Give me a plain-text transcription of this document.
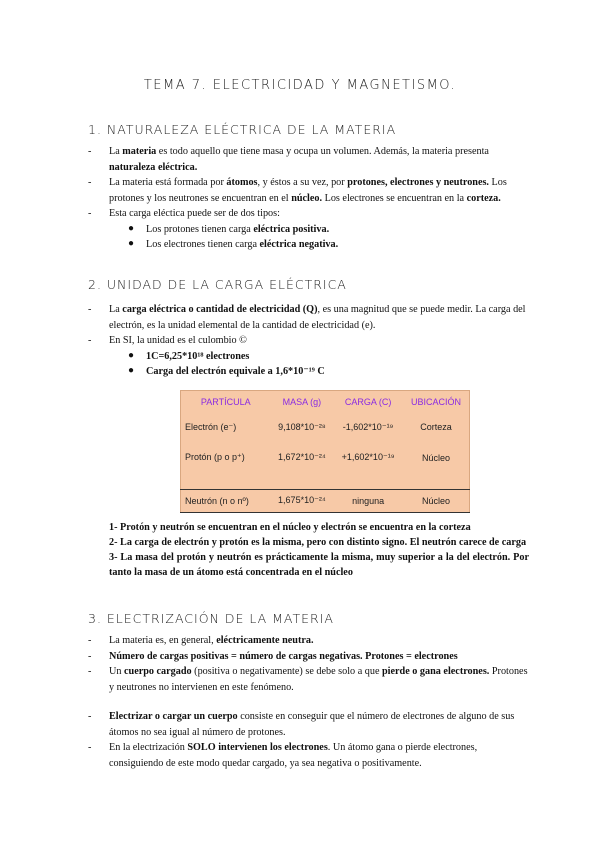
TEMA 7. ELECTRICIDAD Y MAGNETISMO.
1. NATURALEZA ELÉCTRICA DE LA MATERIA

- La materia es todo aquello que tiene masa y ocupa un volumen. Además, la materia presenta naturaleza eléctrica.

- La materia está formada por átomos, y éstos a su vez, por protones, electrones y neutrones. Los protones y los neutrones se encuentran en el núcleo. Los electrones se encuentran en la corteza.

- Esta carga eléctica puede ser de dos tipos:

● Los protones tienen carga eléctrica positiva.

● Los electrones tienen carga eléctrica negativa.

2. UNIDAD DE LA CARGA ELÉCTRICA

- La carga eléctrica o cantidad de electricidad (Q), es una magnitud que se puede medir. La carga del electrón, es la unidad elemental de la cantidad de electricidad (e).

- En SI, la unidad es el culombio ©

● 1C=6,25*10¹⁸ electrones

● Carga del electrón equivale a 1,6*10⁻¹⁹ C

PARTÍCULA	MASA (g)	CARGA (C)	UBICACIÓN
Electrón (e⁻)	9,108*10⁻²⁸	-1,602*10⁻¹⁹	Corteza
Protón (p o p⁺)	1,672*10⁻²⁴	+1,602*10⁻¹⁹	Núcleo

Neutrón (n o nº)	1,675*10⁻²⁴	ninguna	Núcleo

1- Protón y neutrón se encuentran en el núcleo y electrón se encuentra en la corteza

2- La carga de electrón y protón es la misma, pero con distinto signo. El neutrón carece de carga

3- La masa del protón y neutrón es prácticamente la misma, muy superior a la del electrón. Por tanto la masa de un átomo está concentrada en el núcleo

3. ELECTRIZACIÓN DE LA MATERIA

- La materia es, en general, eléctricamente neutra.

- Número de cargas positivas = número de cargas negativas. Protones = electrones

- Un cuerpo cargado (positiva o negativamente) se debe solo a que pierde o gana electrones. Protones y neutrones no intervienen en este fenómeno.

- Electrizar o cargar un cuerpo consiste en conseguir que el número de electrones de alguno de sus átomos no sea igual al número de protones.

- En la electrización SOLO intervienen los electrones. Un átomo gana o pierde electrones, consiguiendo de este modo quedar cargado, ya sea negativa o positivamente.
